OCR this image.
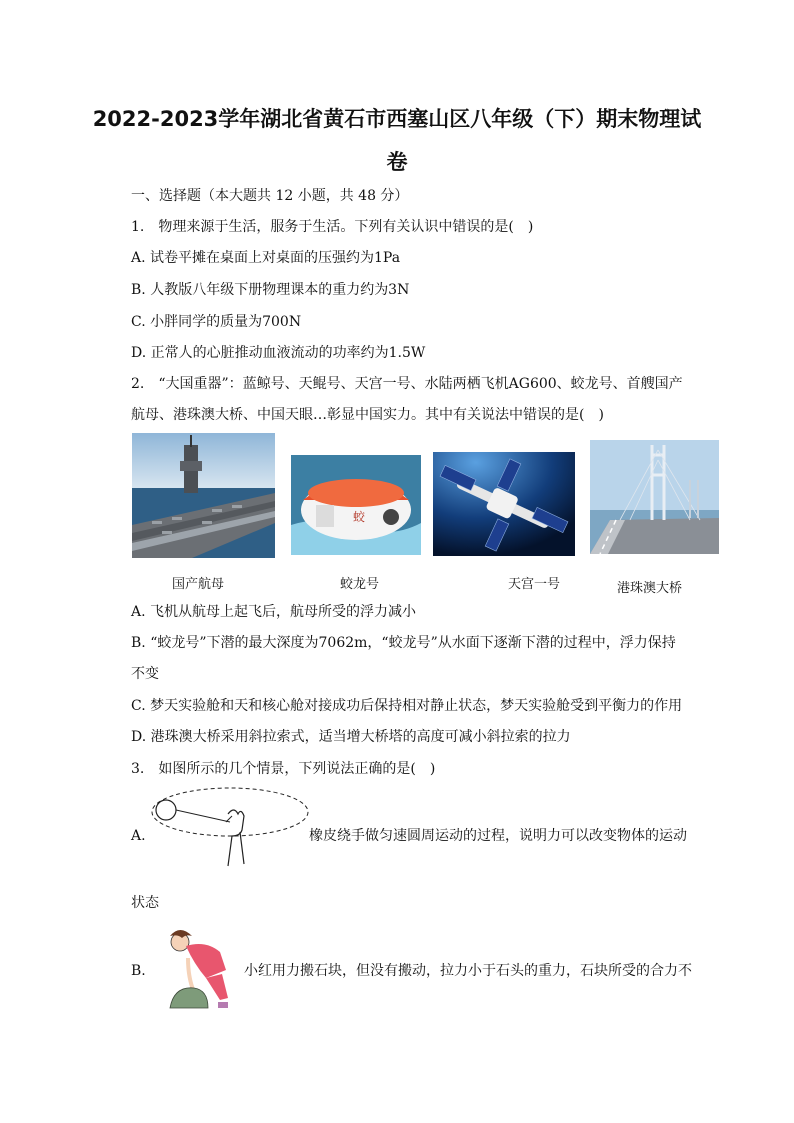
2022-2023学年湖北省黄石市西塞山区八年级（下）期末物理试
卷
一、选择题（本大题共 12 小题，共 48 分）
1.　物理来源于生活，服务于生活。下列有关认识中错误的是(　)
A. 试卷平摊在桌面上对桌面的压强约为1Pa
B. 人教版八年级下册物理课本的重力约为3N
C. 小胖同学的质量为700N
D. 正常人的心脏推动血液流动的功率约为1.5W
2.　“大国重器”：蓝鲸号、天鲲号、天宫一号、水陆两栖飞机AG600、蛟龙号、首艘国产
航母、港珠澳大桥、中国天眼…彰显中国实力。其中有关说法中错误的是(　)
蛟
国产航母	蛟龙号	天宫一号	港珠澳大桥
A. 飞机从航母上起飞后，航母所受的浮力减小
B. “蛟龙号”下潜的最大深度为7062m，“蛟龙号”从水面下逐渐下潜的过程中，浮力保持
不变
C. 梦天实验舱和天和核心舱对接成功后保持相对静止状态，梦天实验舱受到平衡力的作用
D. 港珠澳大桥采用斜拉索式，适当增大桥塔的高度可减小斜拉索的拉力
3.　如图所示的几个情景，下列说法正确的是(　)
A.	橡皮绕手做匀速圆周运动的过程，说明力可以改变物体的运动
状态
B.	小红用力搬石块，但没有搬动，拉力小于石头的重力，石块所受的合力不
